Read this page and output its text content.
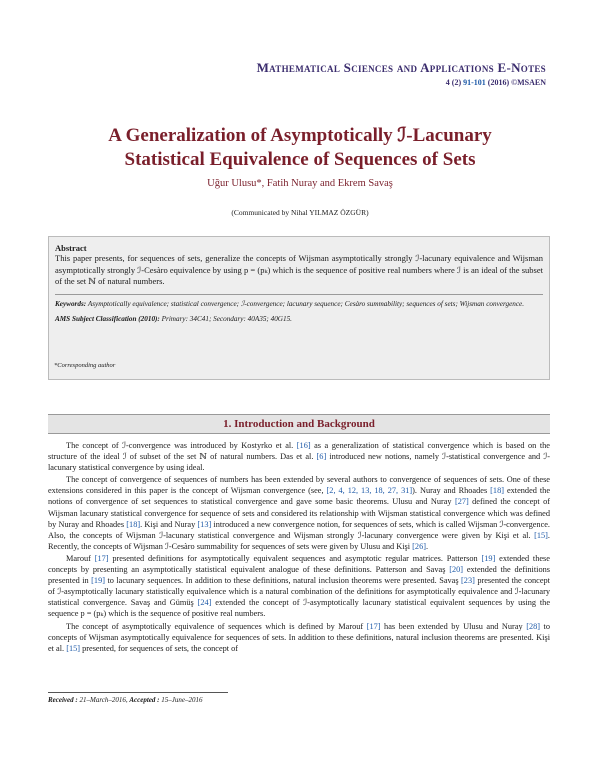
Mathematical Sciences and Applications E-Notes
4 (2) 91-101 (2016) ©MSAEN
A Generalization of Asymptotically ℐ-Lacunary
Statistical Equivalence of Sequences of Sets
Uğur Ulusu*, Fatih Nuray and Ekrem Savaş
(Communicated by Nihal YILMAZ ÖZGÜR)
Abstract
This paper presents, for sequences of sets, generalize the concepts of Wijsman asymptotically strongly ℐ-lacunary equivalence and Wijsman asymptotically strongly ℐ-Cesàro equivalence by using p = (pₖ) which is the sequence of positive real numbers where ℐ is an ideal of the subset of the set ℕ of natural numbers.
Keywords: Asymptotically equivalence; statistical convergence; ℐ-convergence; lacunary sequence; Cesàro summability; sequences of sets; Wijsman convergence.
AMS Subject Classification (2010): Primary: 34C41; Secondary: 40A35; 40G15.
*Corresponding author
1. Introduction and Background

The concept of ℐ-convergence was introduced by Kostyrko et al. [16] as a generalization of statistical convergence which is based on the structure of the ideal ℐ of subset of the set ℕ of natural numbers. Das et al. [6] introduced new notions, namely ℐ-statistical convergence and ℐ-lacunary statistical convergence by using ideal.

The concept of convergence of sequences of numbers has been extended by several authors to convergence of sequences of sets. One of these extensions considered in this paper is the concept of Wijsman convergence (see, [2, 4, 12, 13, 18, 27, 31]). Nuray and Rhoades [18] extended the notions of convergence of set sequences to statistical convergence and gave some basic theorems. Ulusu and Nuray [27] defined the concept of Wijsman lacunary statistical convergence for sequence of sets and considered its relationship with Wijsman statistical convergence which was defined by Nuray and Rhoades [18]. Kişi and Nuray [13] introduced a new convergence notion, for sequences of sets, which is called Wijsman ℐ-convergence. Also, the concepts of Wijsman ℐ-lacunary statistical convergence and Wijsman strongly ℐ-lacunary convergence were given by Kişi et al. [15]. Recently, the concepts of Wijsman ℐ-Cesàro summability for sequences of sets were given by Ulusu and Kişi [26].

Marouf [17] presented definitions for asymptotically equivalent sequences and asymptotic regular matrices. Patterson [19] extended these concepts by presenting an asymptotically statistical equivalent analogue of these definitions. Patterson and Savaş [20] extended the definitions presented in [19] to lacunary sequences. In addition to these definitions, natural inclusion theorems were presented. Savaş [23] presented the concept of ℐ-asymptotically lacunary statistically equivalence which is a natural combination of the definitions for asymptotically equivalence and ℐ-lacunary statistical convergence. Savaş and Gümüş [24] extended the concept of ℐ-asymptotically lacunary statistical equivalent sequences by using the sequence p = (pₖ) which is the sequence of positive real numbers.

The concept of asymptotically equivalence of sequences which is defined by Marouf [17] has been extended by Ulusu and Nuray [28] to concepts of Wijsman asymptotically equivalence for sequences of sets. In addition to these definitions, natural inclusion theorems are presented. Kişi et al. [15] presented, for sequences of sets, the concept of

Received : 21–March–2016, Accepted : 15–June–2016
